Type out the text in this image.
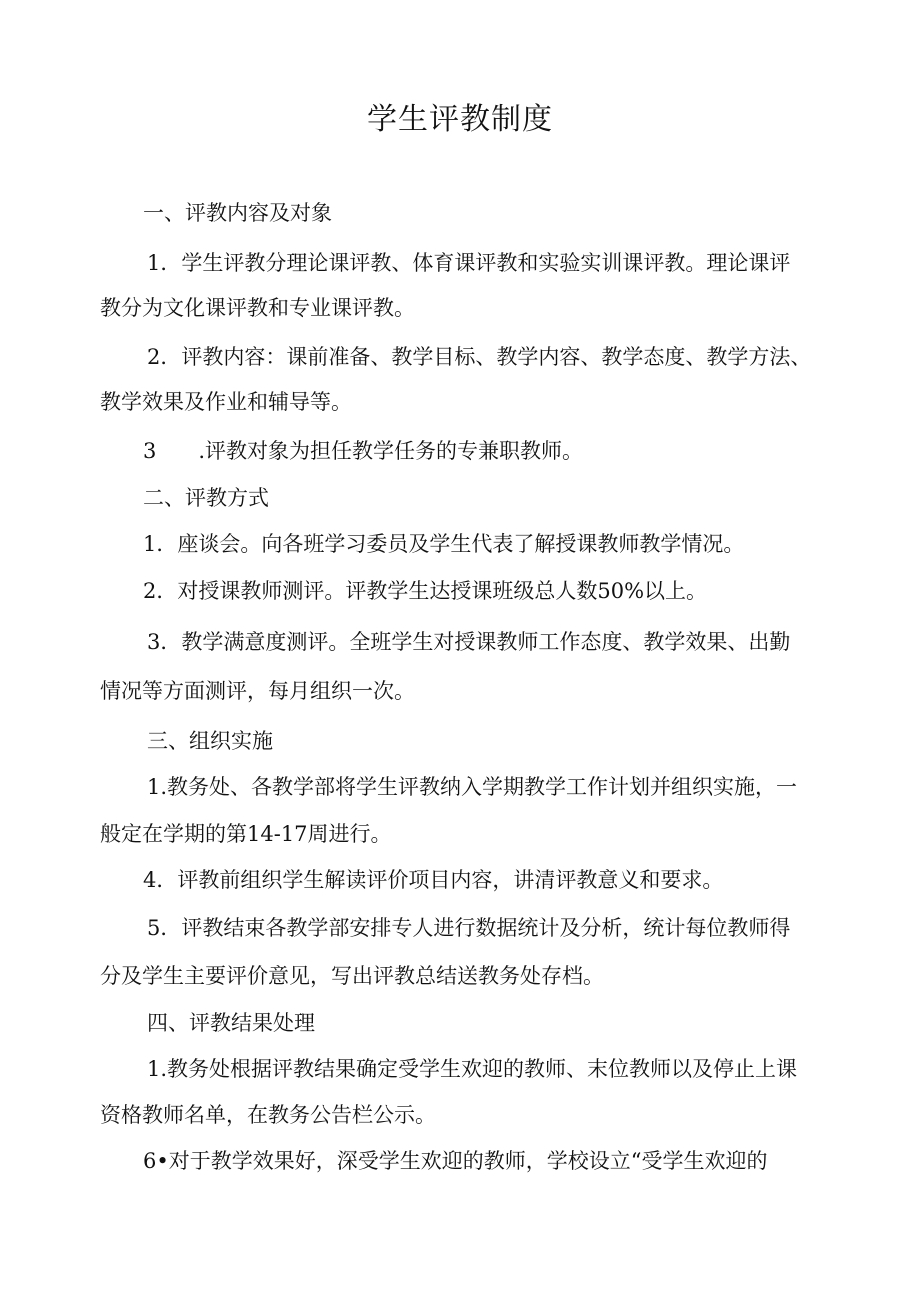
学生评教制度
一、评教内容及对象
1．学生评教分理论课评教、体育课评教和实验实训课评教。理论课评
教分为文化课评教和专业课评教。
2．评教内容：课前准备、教学目标、教学内容、教学态度、教学方法、
教学效果及作业和辅导等。
3　　.评教对象为担任教学任务的专兼职教师。
二、评教方式
1．座谈会。向各班学习委员及学生代表了解授课教师教学情况。
2．对授课教师测评。评教学生达授课班级总人数50%以上。
3．教学满意度测评。全班学生对授课教师工作态度、教学效果、出勤
情况等方面测评，每月组织一次。
三、组织实施
1.教务处、各教学部将学生评教纳入学期教学工作计划并组织实施，一
般定在学期的第14-17周进行。
4．评教前组织学生解读评价项目内容，讲清评教意义和要求。
5．评教结束各教学部安排专人进行数据统计及分析，统计每位教师得
分及学生主要评价意见，写出评教总结送教务处存档。
四、评教结果处理
1.教务处根据评教结果确定受学生欢迎的教师、末位教师以及停止上课
资格教师名单，在教务公告栏公示。
6•对于教学效果好，深受学生欢迎的教师，学校设立“受学生欢迎的
